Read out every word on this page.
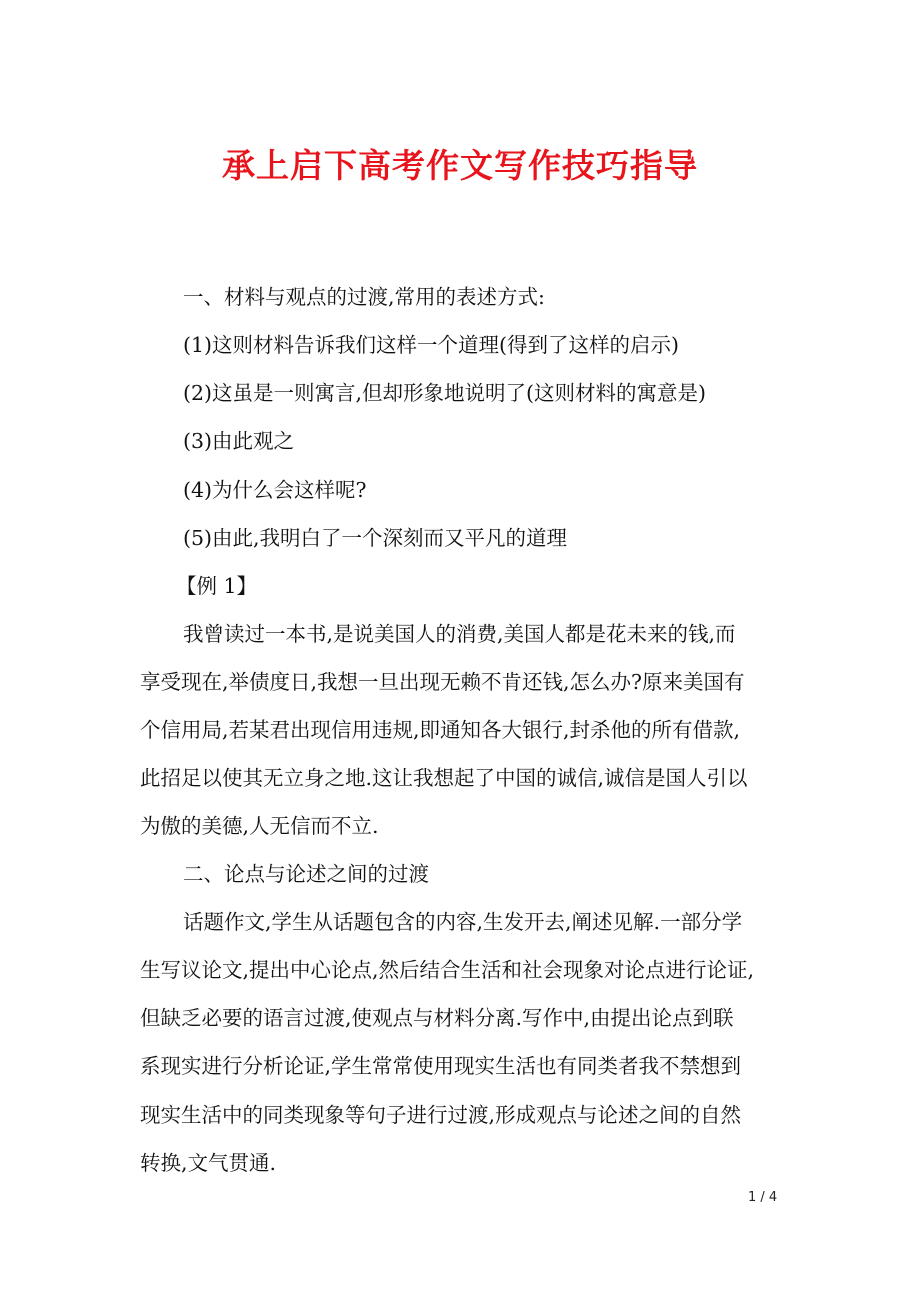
承上启下高考作文写作技巧指导
一、材料与观点的过渡,常用的表述方式:
(1)这则材料告诉我们这样一个道理(得到了这样的启示)
(2)这虽是一则寓言,但却形象地说明了(这则材料的寓意是)
(3)由此观之
(4)为什么会这样呢?
(5)由此,我明白了一个深刻而又平凡的道理
【例 1】
我曾读过一本书,是说美国人的消费,美国人都是花未来的钱,而
享受现在,举债度日,我想一旦出现无赖不肯还钱,怎么办?原来美国有
个信用局,若某君出现信用违规,即通知各大银行,封杀他的所有借款,
此招足以使其无立身之地.这让我想起了中国的诚信,诚信是国人引以
为傲的美德,人无信而不立.
二、论点与论述之间的过渡
话题作文,学生从话题包含的内容,生发开去,阐述见解.一部分学
生写议论文,提出中心论点,然后结合生活和社会现象对论点进行论证,
但缺乏必要的语言过渡,使观点与材料分离.写作中,由提出论点到联
系现实进行分析论证,学生常常使用现实生活也有同类者我不禁想到
现实生活中的同类现象等句子进行过渡,形成观点与论述之间的自然
转换,文气贯通.
1 / 4
